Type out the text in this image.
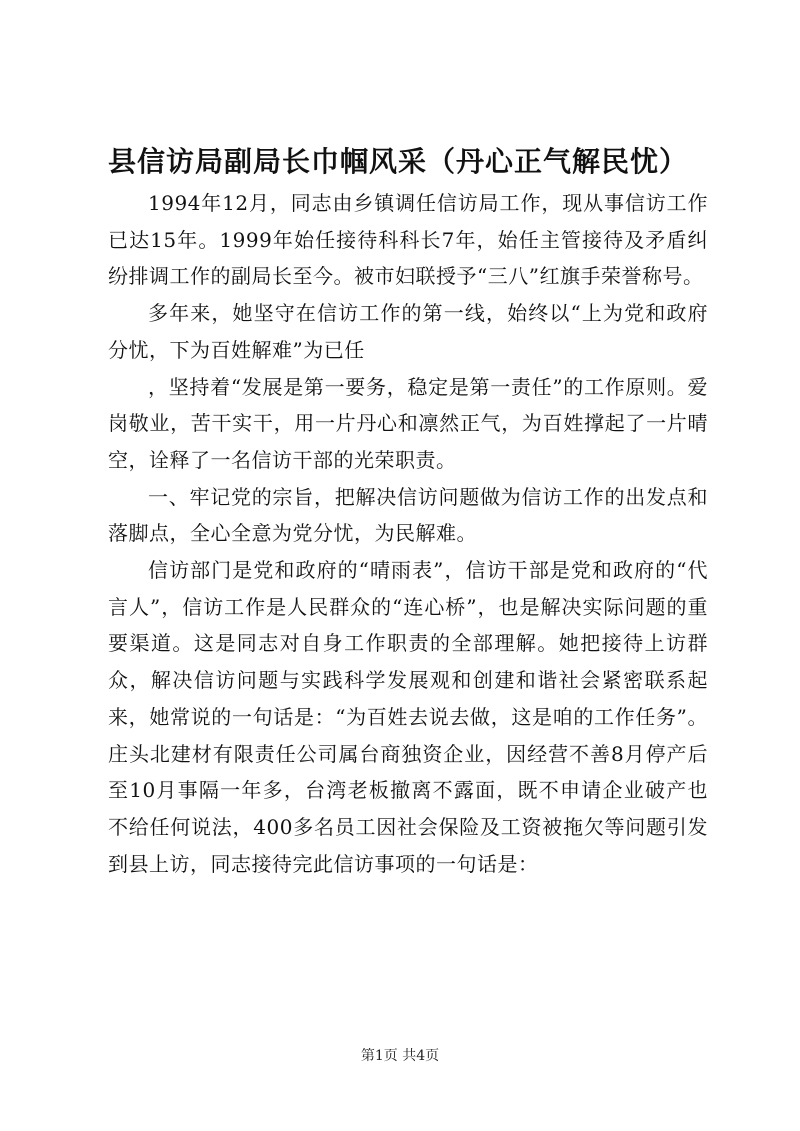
县信访局副局长巾帼风采（丹心正气解民忧）

1994年12月，同志由乡镇调任信访局工作，现从事信访工作已达15年。1999年始任接待科科长7年，始任主管接待及矛盾纠纷排调工作的副局长至今。被市妇联授予“三八”红旗手荣誉称号。

多年来，她坚守在信访工作的第一线，始终以“上为党和政府分忧，下为百姓解难”为已任

，坚持着“发展是第一要务，稳定是第一责任”的工作原则。爱岗敬业，苦干实干，用一片丹心和凛然正气，为百姓撑起了一片晴空，诠释了一名信访干部的光荣职责。

一、牢记党的宗旨，把解决信访问题做为信访工作的出发点和落脚点，全心全意为党分忧，为民解难。

信访部门是党和政府的“晴雨表”，信访干部是党和政府的“代言人”，信访工作是人民群众的“连心桥”，也是解决实际问题的重要渠道。这是同志对自身工作职责的全部理解。她把接待上访群众，解决信访问题与实践科学发展观和创建和谐社会紧密联系起来，她常说的一句话是：“为百姓去说去做，这是咱的工作任务”。庄头北建材有限责任公司属台商独资企业，因经营不善8月停产后至10月事隔一年多，台湾老板撤离不露面，既不申请企业破产也不给任何说法，400多名员工因社会保险及工资被拖欠等问题引发到县上访，同志接待完此信访事项的一句话是：

第1页 共4页
